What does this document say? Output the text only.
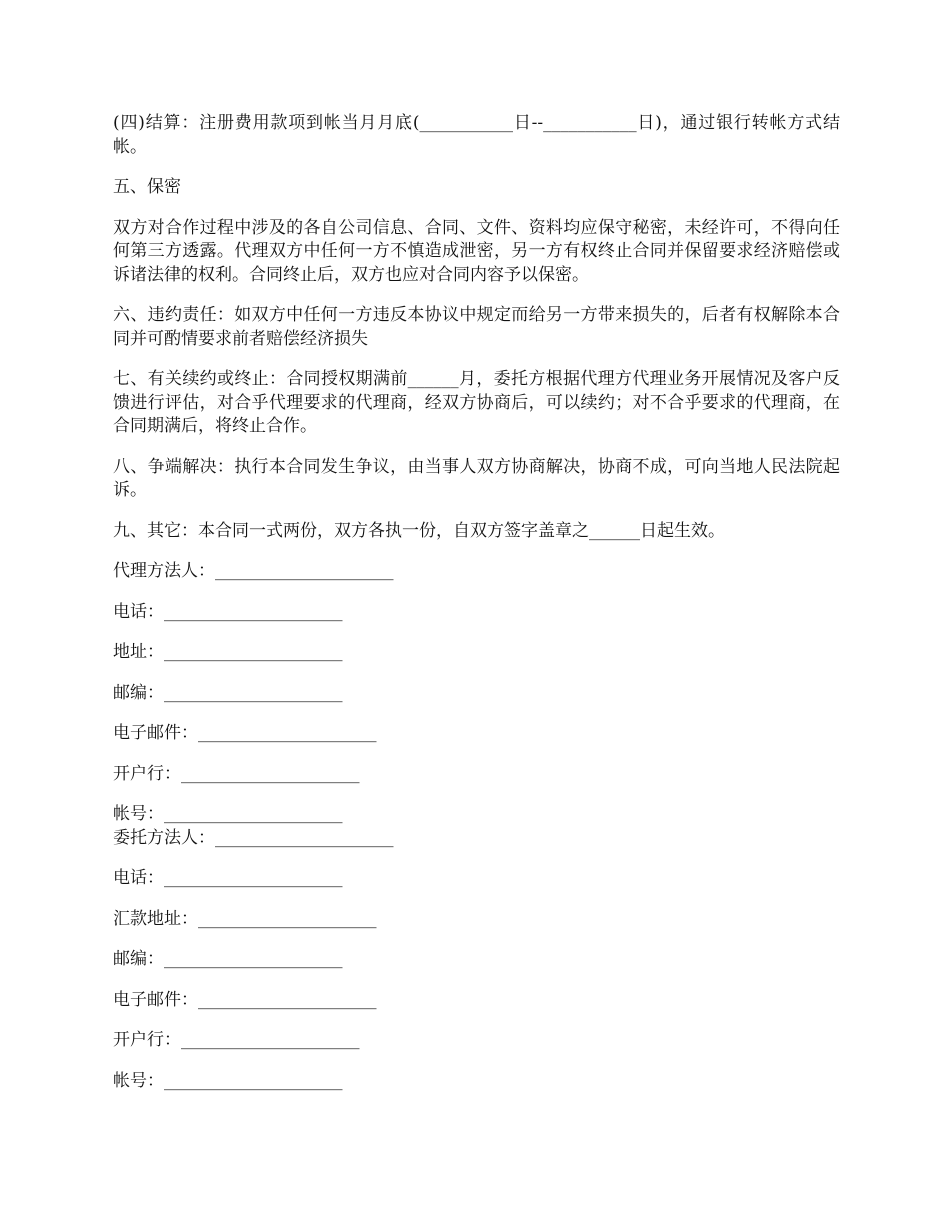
(四)结算：注册费用款项到帐当月月底(___________日--___________日)，通过银行转帐方式结帐。

五、保密

双方对合作过程中涉及的各自公司信息、合同、文件、资料均应保守秘密，未经许可，不得向任何第三方透露。代理双方中任何一方不慎造成泄密，另一方有权终止合同并保留要求经济赔偿或诉诸法律的权利。合同终止后，双方也应对合同内容予以保密。

六、违约责任：如双方中任何一方违反本协议中规定而给另一方带来损失的，后者有权解除本合同并可酌情要求前者赔偿经济损失

七、有关续约或终止：合同授权期满前______月，委托方根据代理方代理业务开展情况及客户反馈进行评估，对合乎代理要求的代理商，经双方协商后，可以续约；对不合乎要求的代理商，在合同期满后，将终止合作。

八、争端解决：执行本合同发生争议，由当事人双方协商解决，协商不成，可向当地人民法院起诉。

九、其它：本合同一式两份，双方各执一份，自双方签字盖章之______日起生效。

代理方法人：_____________________

电话：_____________________

地址：_____________________

邮编：_____________________

电子邮件：_____________________

开户行：_____________________

帐号：_____________________

委托方法人：_____________________

电话：_____________________

汇款地址：_____________________

邮编：_____________________

电子邮件：_____________________

开户行：_____________________

帐号：_____________________
